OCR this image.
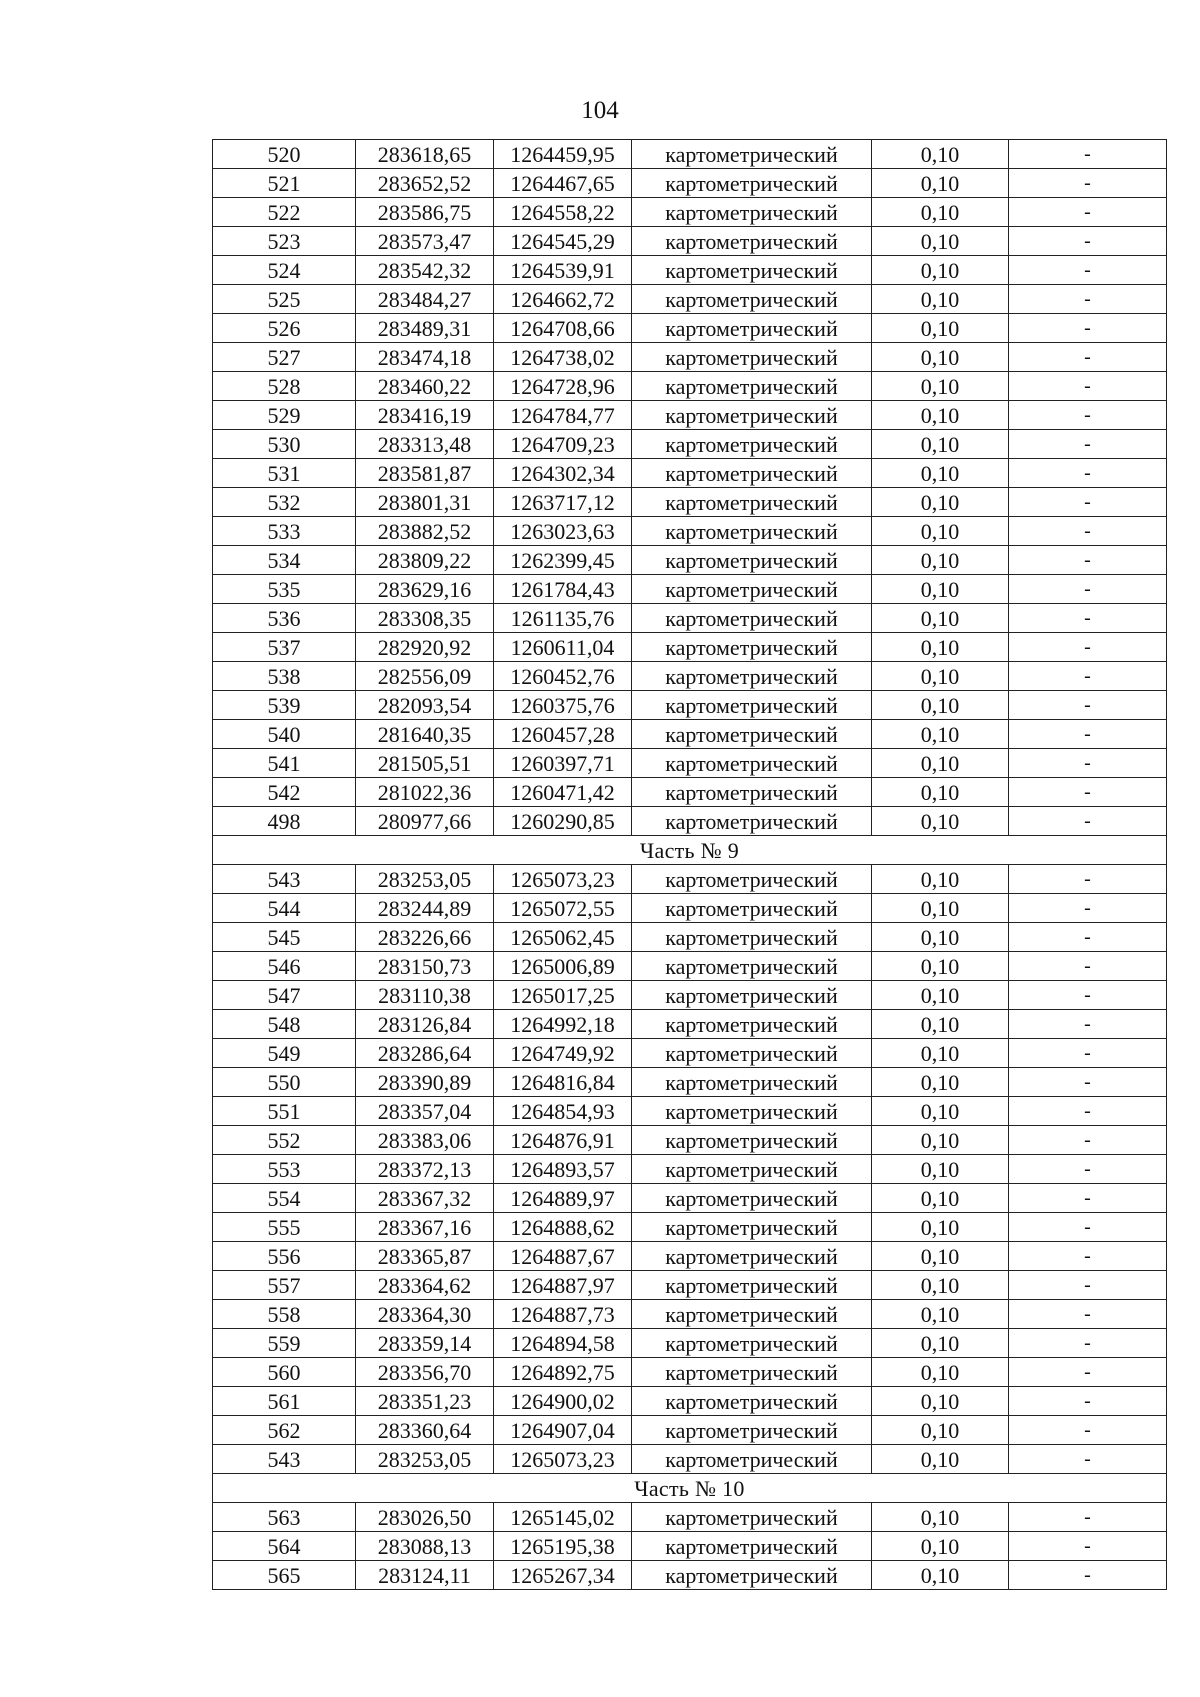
104
520	283618,65	1264459,95	картометрический	0,10	-
521	283652,52	1264467,65	картометрический	0,10	-
522	283586,75	1264558,22	картометрический	0,10	-
523	283573,47	1264545,29	картометрический	0,10	-
524	283542,32	1264539,91	картометрический	0,10	-
525	283484,27	1264662,72	картометрический	0,10	-
526	283489,31	1264708,66	картометрический	0,10	-
527	283474,18	1264738,02	картометрический	0,10	-
528	283460,22	1264728,96	картометрический	0,10	-
529	283416,19	1264784,77	картометрический	0,10	-
530	283313,48	1264709,23	картометрический	0,10	-
531	283581,87	1264302,34	картометрический	0,10	-
532	283801,31	1263717,12	картометрический	0,10	-
533	283882,52	1263023,63	картометрический	0,10	-
534	283809,22	1262399,45	картометрический	0,10	-
535	283629,16	1261784,43	картометрический	0,10	-
536	283308,35	1261135,76	картометрический	0,10	-
537	282920,92	1260611,04	картометрический	0,10	-
538	282556,09	1260452,76	картометрический	0,10	-
539	282093,54	1260375,76	картометрический	0,10	-
540	281640,35	1260457,28	картометрический	0,10	-
541	281505,51	1260397,71	картометрический	0,10	-
542	281022,36	1260471,42	картометрический	0,10	-
498	280977,66	1260290,85	картометрический	0,10	-
Часть № 9					
543	283253,05	1265073,23	картометрический	0,10	-
544	283244,89	1265072,55	картометрический	0,10	-
545	283226,66	1265062,45	картометрический	0,10	-
546	283150,73	1265006,89	картометрический	0,10	-
547	283110,38	1265017,25	картометрический	0,10	-
548	283126,84	1264992,18	картометрический	0,10	-
549	283286,64	1264749,92	картометрический	0,10	-
550	283390,89	1264816,84	картометрический	0,10	-
551	283357,04	1264854,93	картометрический	0,10	-
552	283383,06	1264876,91	картометрический	0,10	-
553	283372,13	1264893,57	картометрический	0,10	-
554	283367,32	1264889,97	картометрический	0,10	-
555	283367,16	1264888,62	картометрический	0,10	-
556	283365,87	1264887,67	картометрический	0,10	-
557	283364,62	1264887,97	картометрический	0,10	-
558	283364,30	1264887,73	картометрический	0,10	-
559	283359,14	1264894,58	картометрический	0,10	-
560	283356,70	1264892,75	картометрический	0,10	-
561	283351,23	1264900,02	картометрический	0,10	-
562	283360,64	1264907,04	картометрический	0,10	-
543	283253,05	1265073,23	картометрический	0,10	-
Часть № 10					
563	283026,50	1265145,02	картометрический	0,10	-
564	283088,13	1265195,38	картометрический	0,10	-
565	283124,11	1265267,34	картометрический	0,10	-
